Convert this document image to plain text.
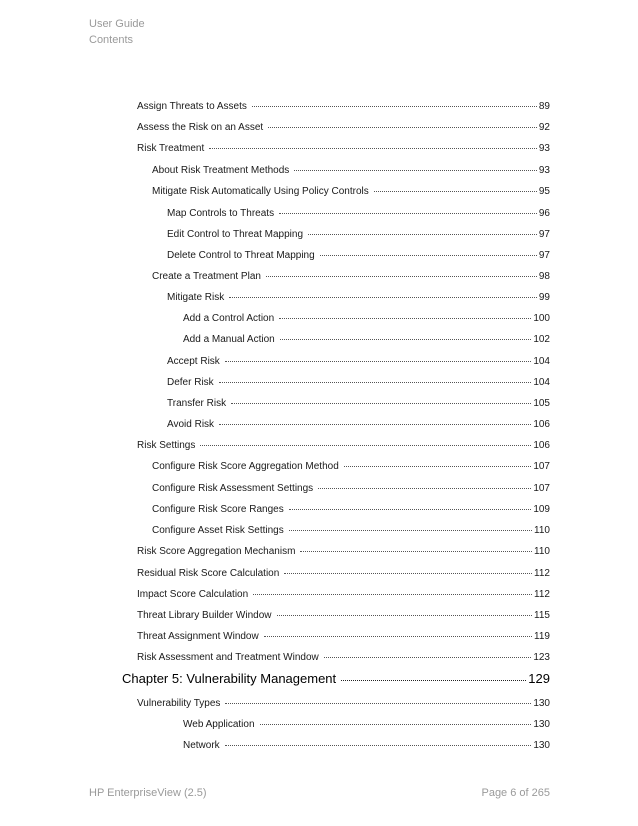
User Guide
Contents
Assign Threats to Assets	89
Assess the Risk on an Asset	92
Risk Treatment	93
About Risk Treatment Methods	93
Mitigate Risk Automatically Using Policy Controls	95
Map Controls to Threats	96
Edit Control to Threat Mapping	97
Delete Control to Threat Mapping	97
Create a Treatment Plan	98
Mitigate Risk	99
Add a Control Action	100
Add a Manual Action	102
Accept Risk	104
Defer Risk	104
Transfer Risk	105
Avoid Risk	106
Risk Settings	106
Configure Risk Score Aggregation Method	107
Configure Risk Assessment Settings	107
Configure Risk Score Ranges	109
Configure Asset Risk Settings	110
Risk Score Aggregation Mechanism	110
Residual Risk Score Calculation	112
Impact Score Calculation	112
Threat Library Builder Window	115
Threat Assignment Window	119
Risk Assessment and Treatment Window	123
Chapter 5: Vulnerability Management	129
Vulnerability Types	130
Web Application	130
Network	130
HP EnterpriseView (2.5)	Page 6 of 265
